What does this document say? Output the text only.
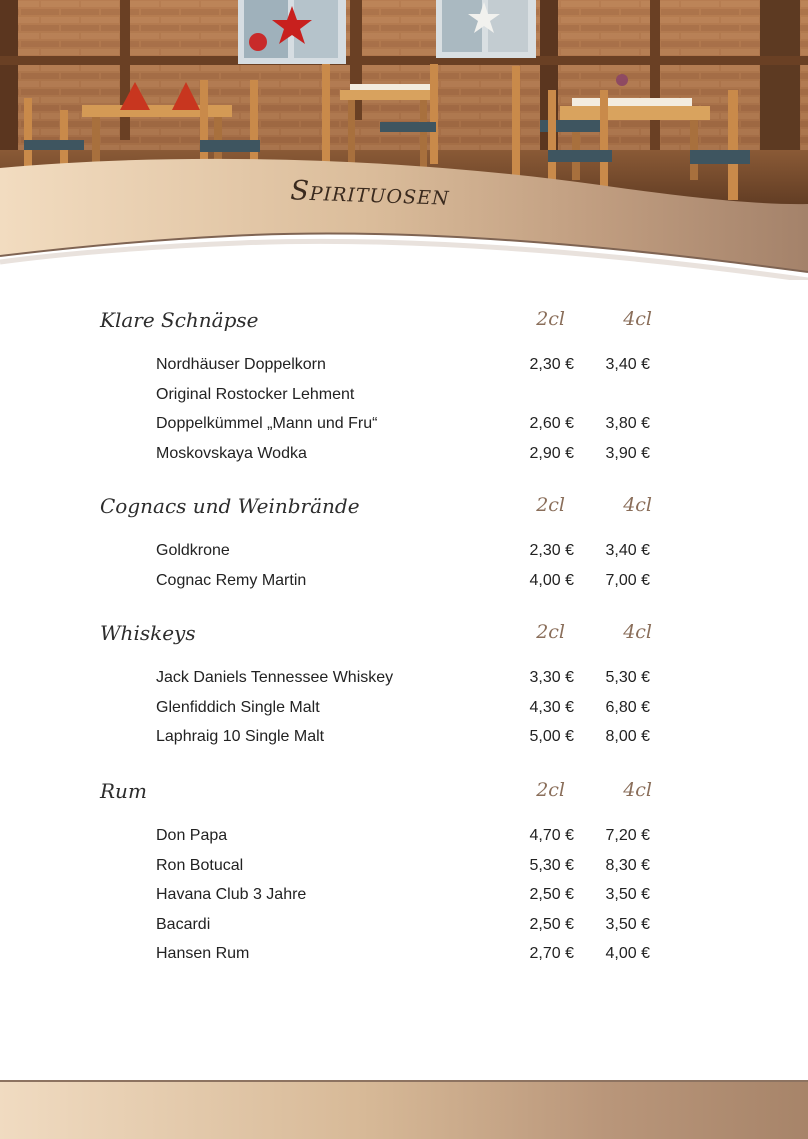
Spirituosen
Klare Schnäpse	2cl	4cl
Nordhäuser Doppelkorn	2,30 € 3,40 €
Original Rostocker Lehment
Doppelkümmel „Mann und Fru“	2,60 € 3,80 €
Moskovskaya Wodka	2,90 € 3,90 €
Cognacs und Weinbrände	2cl	4cl
Goldkrone	2,30 € 3,40 €
Cognac Remy Martin	4,00 € 7,00 €
Whiskeys	2cl	4cl
Jack Daniels Tennessee Whiskey	3,30 € 5,30 €
Glenfiddich Single Malt	4,30 € 6,80 €
Laphraig 10 Single Malt	5,00 € 8,00 €
Rum	2cl	4cl
Don Papa	4,70 € 7,20 €
Ron Botucal	5,30 € 8,30 €
Havana Club 3 Jahre	2,50 € 3,50 €
Bacardi	2,50 € 3,50 €
Hansen Rum	2,70 € 4,00 €
